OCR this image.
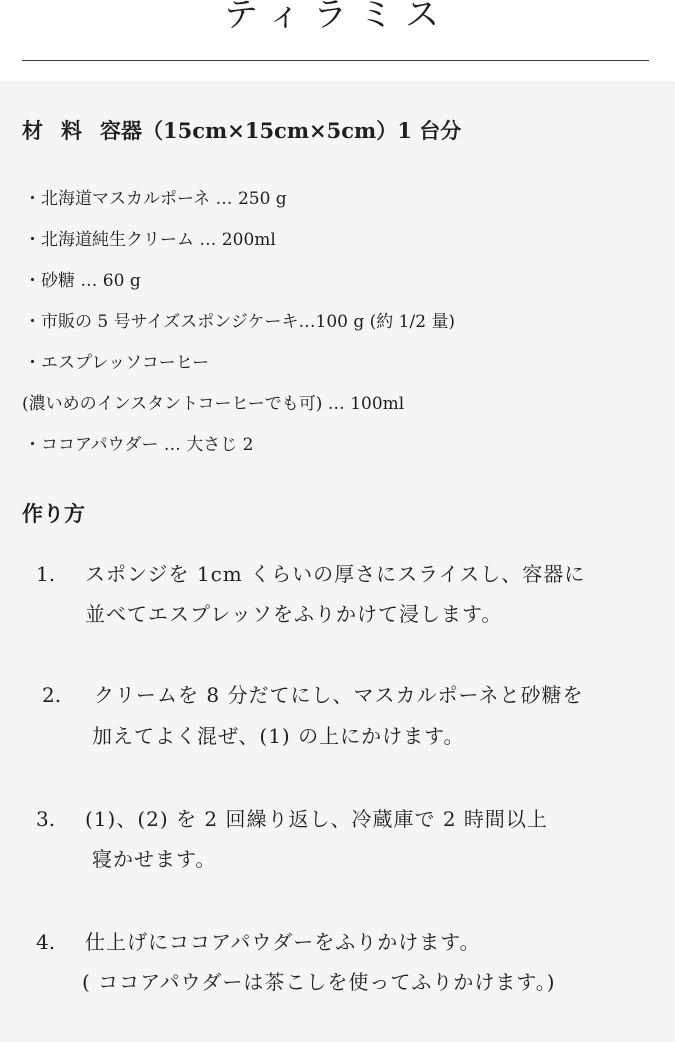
ティラミス
材 料 容器（15cm×15cm×5cm）1 台分
・北海道マスカルポーネ … 250 g
・北海道純生クリーム … 200ml
・砂糖 … 60 g
・市販の 5 号サイズスポンジケーキ…100 g (約 1/2 量)
・エスプレッソコーヒー
(濃いめのインスタントコーヒーでも可) … 100ml
・ココアパウダー … 大さじ 2
作り方
1. スポンジを 1cm くらいの厚さにスライスし、容器に
並べてエスプレッソをふりかけて浸します。
2. クリームを 8 分だてにし、マスカルポーネと砂糖を
加えてよく混ぜ、(1) の上にかけます。
3. (1)、(2) を 2 回繰り返し、冷蔵庫で 2 時間以上
寝かせます。
4. 仕上げにココアパウダーをふりかけます。
( ココアパウダーは茶こしを使ってふりかけます。)
